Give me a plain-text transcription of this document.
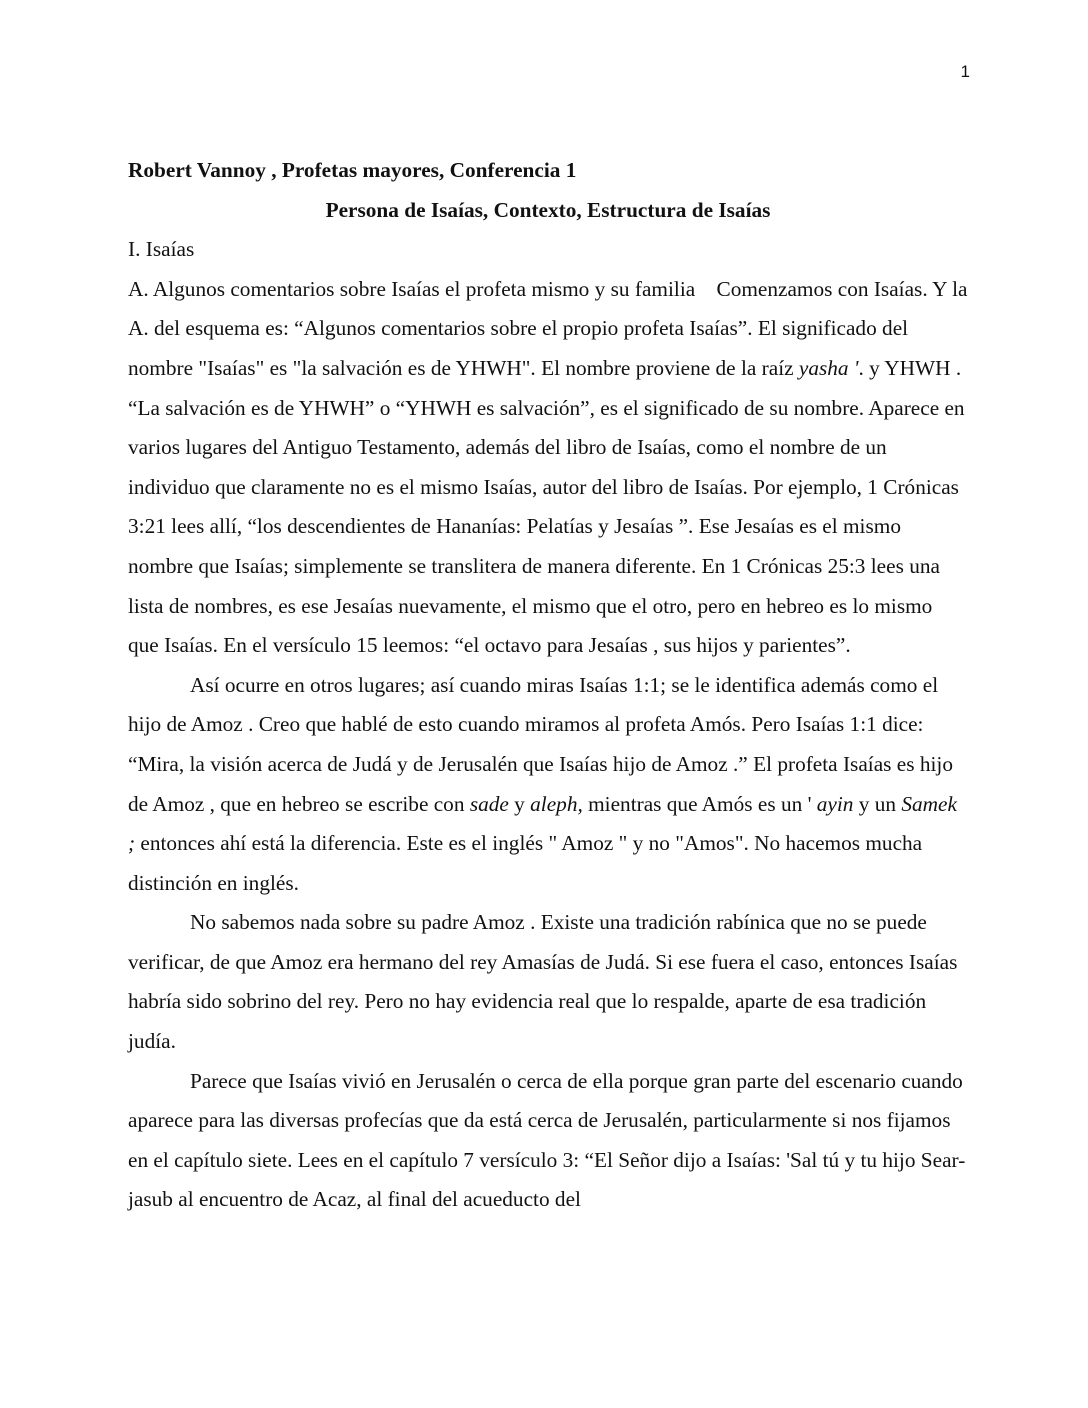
1

Robert Vannoy , Profetas mayores, Conferencia 1

Persona de Isaías, Contexto, Estructura de Isaías

I. Isaías

A. Algunos comentarios sobre Isaías el profeta mismo y su familia    Comenzamos con Isaías. Y la A. del esquema es: “Algunos comentarios sobre el propio profeta Isaías”. El significado del nombre "Isaías" es "la salvación es de YHWH". El nombre proviene de la raíz yasha '. y YHWH . “La salvación es de YHWH” o “YHWH es salvación”, es el significado de su nombre. Aparece en varios lugares del Antiguo Testamento, además del libro de Isaías, como el nombre de un individuo que claramente no es el mismo Isaías, autor del libro de Isaías. Por ejemplo, 1 Crónicas 3:21 lees allí, “los descendientes de Hananías: Pelatías y Jesaías ”. Ese Jesaías es el mismo nombre que Isaías; simplemente se translitera de manera diferente. En 1 Crónicas 25:3 lees una lista de nombres, es ese Jesaías nuevamente, el mismo que el otro, pero en hebreo es lo mismo que Isaías. En el versículo 15 leemos: “el octavo para Jesaías , sus hijos y parientes”.

Así ocurre en otros lugares; así cuando miras Isaías 1:1; se le identifica además como el hijo de Amoz . Creo que hablé de esto cuando miramos al profeta Amós. Pero Isaías 1:1 dice: “Mira, la visión acerca de Judá y de Jerusalén que Isaías hijo de Amoz .” El profeta Isaías es hijo de Amoz , que en hebreo se escribe con sade y aleph, mientras que Amós es un ' ayin y un Samek ; entonces ahí está la diferencia. Este es el inglés " Amoz " y no "Amos". No hacemos mucha distinción en inglés.

No sabemos nada sobre su padre Amoz . Existe una tradición rabínica que no se puede verificar, de que Amoz era hermano del rey Amasías de Judá. Si ese fuera el caso, entonces Isaías habría sido sobrino del rey. Pero no hay evidencia real que lo respalde, aparte de esa tradición judía.

Parece que Isaías vivió en Jerusalén o cerca de ella porque gran parte del escenario cuando aparece para las diversas profecías que da está cerca de Jerusalén, particularmente si nos fijamos en el capítulo siete. Lees en el capítulo 7 versículo 3: “El Señor dijo a Isaías: 'Sal tú y tu hijo Sear- jasub al encuentro de Acaz, al final del acueducto del
